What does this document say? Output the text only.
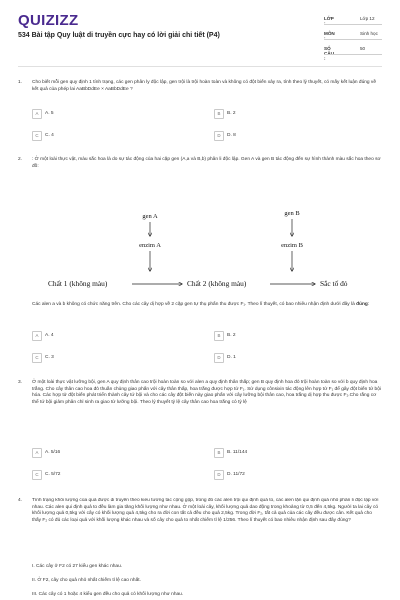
QUIZIZZ
534 Bài tập Quy luật di truyền cực hay có lời giải chi tiết (P4)
LỚP :
Lớp 12
MÔN :
Sinh học
SỐ CÂU :
50
1. Cho biết mỗi gen quy định 1 tính trạng, các gen phân ly độc lập, gen trội là trội hoàn toàn và không có đột biến xảy ra, tính theo lý thuyết, có mấy kết luận đúng về kết quả của phép lai AaBbDdEe × AaBbDdEe ?
A	A. 5	B	B. 2
C	C. 4	D	D. 8
2. : Ở một loài thực vật, màu sắc hoa là do sự tác động của hai cặp gen (A,a và B,b) phân li độc lập. Gen A và gen B tác động đến sự hình thành màu sắc hoa theo sơ đồ:
gen A
enzim A
gen B
enzim B
Chất 1 (không màu)	Chất 2 (không màu)	Sắc tố đỏ
Các alen a và b không có chức năng trên. Cho các cây dị hợp về 2 cặp gen tự thụ phấn thu được F₁. Theo lí thuyết, có bao nhiêu nhận định dưới đây là đúng:
A	A. 4	B	B. 2
C	C. 3	D	D. 1
3. Ở một loài thực vật lưỡng bội, gen A quy định thân cao trội hoàn toàn so với alen a quy định thân thấp; gen B quy định hoa đỏ trội hoàn toàn so với b quy định hoa trắng. Cho cây thân cao hoa đỏ thuần chủng giao phấn với cây thân thấp, hoa trắng được hợp tử F₁. Sử dụng cônsixin tác động lên hợp tử F₁ để gây đột biến tứ bội hóa. Các hợp tử đột biến phát triển thành cây tứ bội và cho các cây đột biến này giao phấn với cây lưỡng bội thân cao, hoa trắng dị hợp thu được F₂.Cho rằng cơ thể tứ bội giảm phân chỉ sinh ra giao tử lưỡng bội. Theo lý thuyết tỷ lệ cây thân cao hoa trắng có tỷ lệ
A	A. 5/16	B	B. 11/144
C	C. 5/72	D	D. 11/72
4. Tính trạng khối lượng của quả được di truyền theo kiểu tương tác cộng gộp, trong đó các alen trội qui định quả to, các alen lặn qui định quả nhỏ phân li độc lập với nhau. Các alen qui định quả to đều làm gia tăng khối lượng như nhau. Ở một loài cây, khối lượng quả dao động trong khoảng từ 0,5 đến 4,5kg. Người ta lai cây có khối lượng quả 0,5kg với cây có khối lượng quả 4,5kg cho ra đời con tất cả đều cho quả 2,5kg. Trong đời F₂, tất cả quả của các cây đều được cân. Kết quả cho thấy F₂ có đủ các loại quả với khối lượng khác nhau và số cây cho quả to nhất chiếm tỉ lệ 1/256. Theo lí thuyết có bao nhiêu nhận định sau đây đúng?
I. Các cây ở F2 có 27 kiểu gen khác nhau.
II. Ở F2, cây cho quả nhỏ nhất chiếm tỉ lệ cao nhất.
III. Các cây có 1 hoặc 4 kiểu gen đều cho quả có khối lượng như nhau.
